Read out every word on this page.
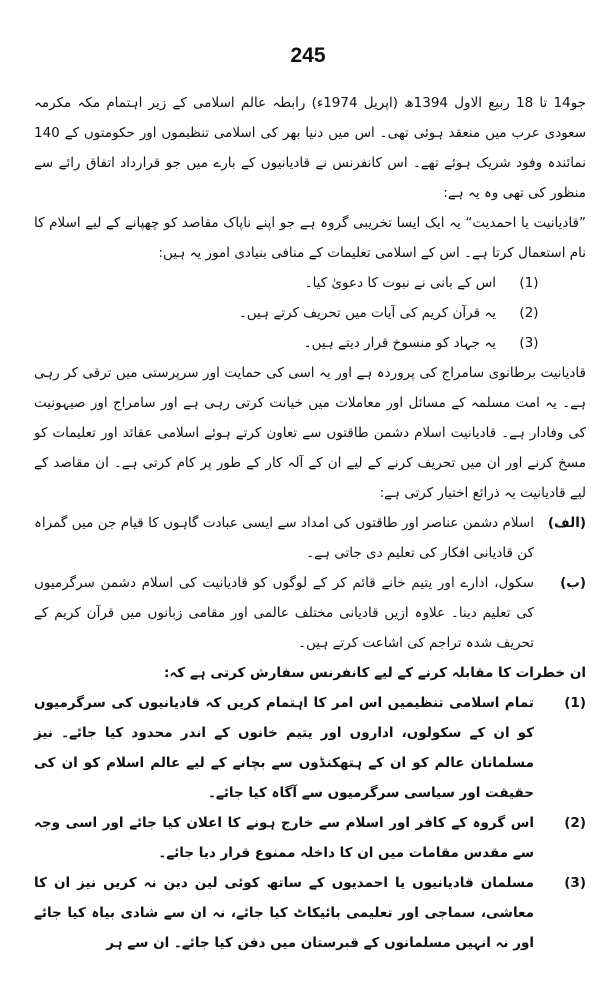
245

جو14 تا 18 ربیع الاول 1394ھ (اپریل 1974ء) رابطہ عالم اسلامی کے زیر اہتمام مکہ مکرمہ سعودی عرب میں منعقد ہوئی تھی۔ اس میں دنیا بھر کی اسلامی تنظیموں اور حکومتوں کے 140 نمائندہ وفود شریک ہوئے تھے۔ اس کانفرنس نے قادیانیوں کے بارے میں جو قرارداد اتفاق رائے سے منظور کی تھی وہ یہ ہے:

”قادیانیت یا احمدیت“ یہ ایک ایسا تخریبی گروہ ہے جو اپنے ناپاک مقاصد کو چھپانے کے لیے اسلام کا نام استعمال کرتا ہے۔ اس کے اسلامی تعلیمات کے منافی بنیادی امور یہ ہیں:

(1)
اس کے بانی نے نبوت کا دعویٰ کیا۔
(2)
یہ قرآن کریم کی آیات میں تحریف کرتے ہیں۔
(3)
یہ جہاد کو منسوخ قرار دیتے ہیں۔

قادیانیت برطانوی سامراج کی پروردہ ہے اور یہ اسی کی حمایت اور سرپرستی میں ترقی کر رہی ہے۔ یہ امت مسلمہ کے مسائل اور معاملات میں خیانت کرتی رہی ہے اور سامراج اور صیہونیت کی وفادار ہے۔ قادیانیت اسلام دشمن طاقتوں سے تعاون کرتے ہوئے اسلامی عقائد اور تعلیمات کو مسخ کرنے اور ان میں تحریف کرنے کے لیے ان کے آلہ کار کے طور پر کام کرتی ہے۔ ان مقاصد کے لیے قادیانیت یہ ذرائع اختیار کرتی ہے:

(الف)
اسلام دشمن عناصر اور طاقتوں کی امداد سے ایسی عبادت گاہوں کا قیام جن میں گمراہ کن قادیانی افکار کی تعلیم دی جاتی ہے۔
(ب)
سکول، ادارے اور یتیم خانے قائم کر کے لوگوں کو قادیانیت کی اسلام دشمن سرگرمیوں کی تعلیم دینا۔ علاوہ ازیں قادیانی مختلف عالمی اور مقامی زبانوں میں قرآن کریم کے تحریف شدہ تراجم کی اشاعت کرتے ہیں۔
ان خطرات کا مقابلہ کرنے کے لیے کانفرنس سفارش کرتی ہے کہ:
(1)
تمام اسلامی تنظیمیں اس امر کا اہتمام کریں کہ قادیانیوں کی سرگرمیوں کو ان کے سکولوں، اداروں اور یتیم خانوں کے اندر محدود کیا جائے۔ نیز مسلمانان عالم کو ان کے ہتھکنڈوں سے بچانے کے لیے عالم اسلام کو ان کی حقیقت اور سیاسی سرگرمیوں سے آگاہ کیا جائے۔
(2)
اس گروہ کے کافر اور اسلام سے خارج ہونے کا اعلان کیا جائے اور اسی وجہ سے مقدس مقامات میں ان کا داخلہ ممنوع قرار دیا جائے۔
(3)
مسلمان قادیانیوں یا احمدیوں کے ساتھ کوئی لین دین نہ کریں نیز ان کا معاشی، سماجی اور تعلیمی بائیکاٹ کیا جائے، نہ ان سے شادی بیاہ کیا جائے اور نہ انہیں مسلمانوں کے قبرستان میں دفن کیا جائے۔ ان سے ہر
